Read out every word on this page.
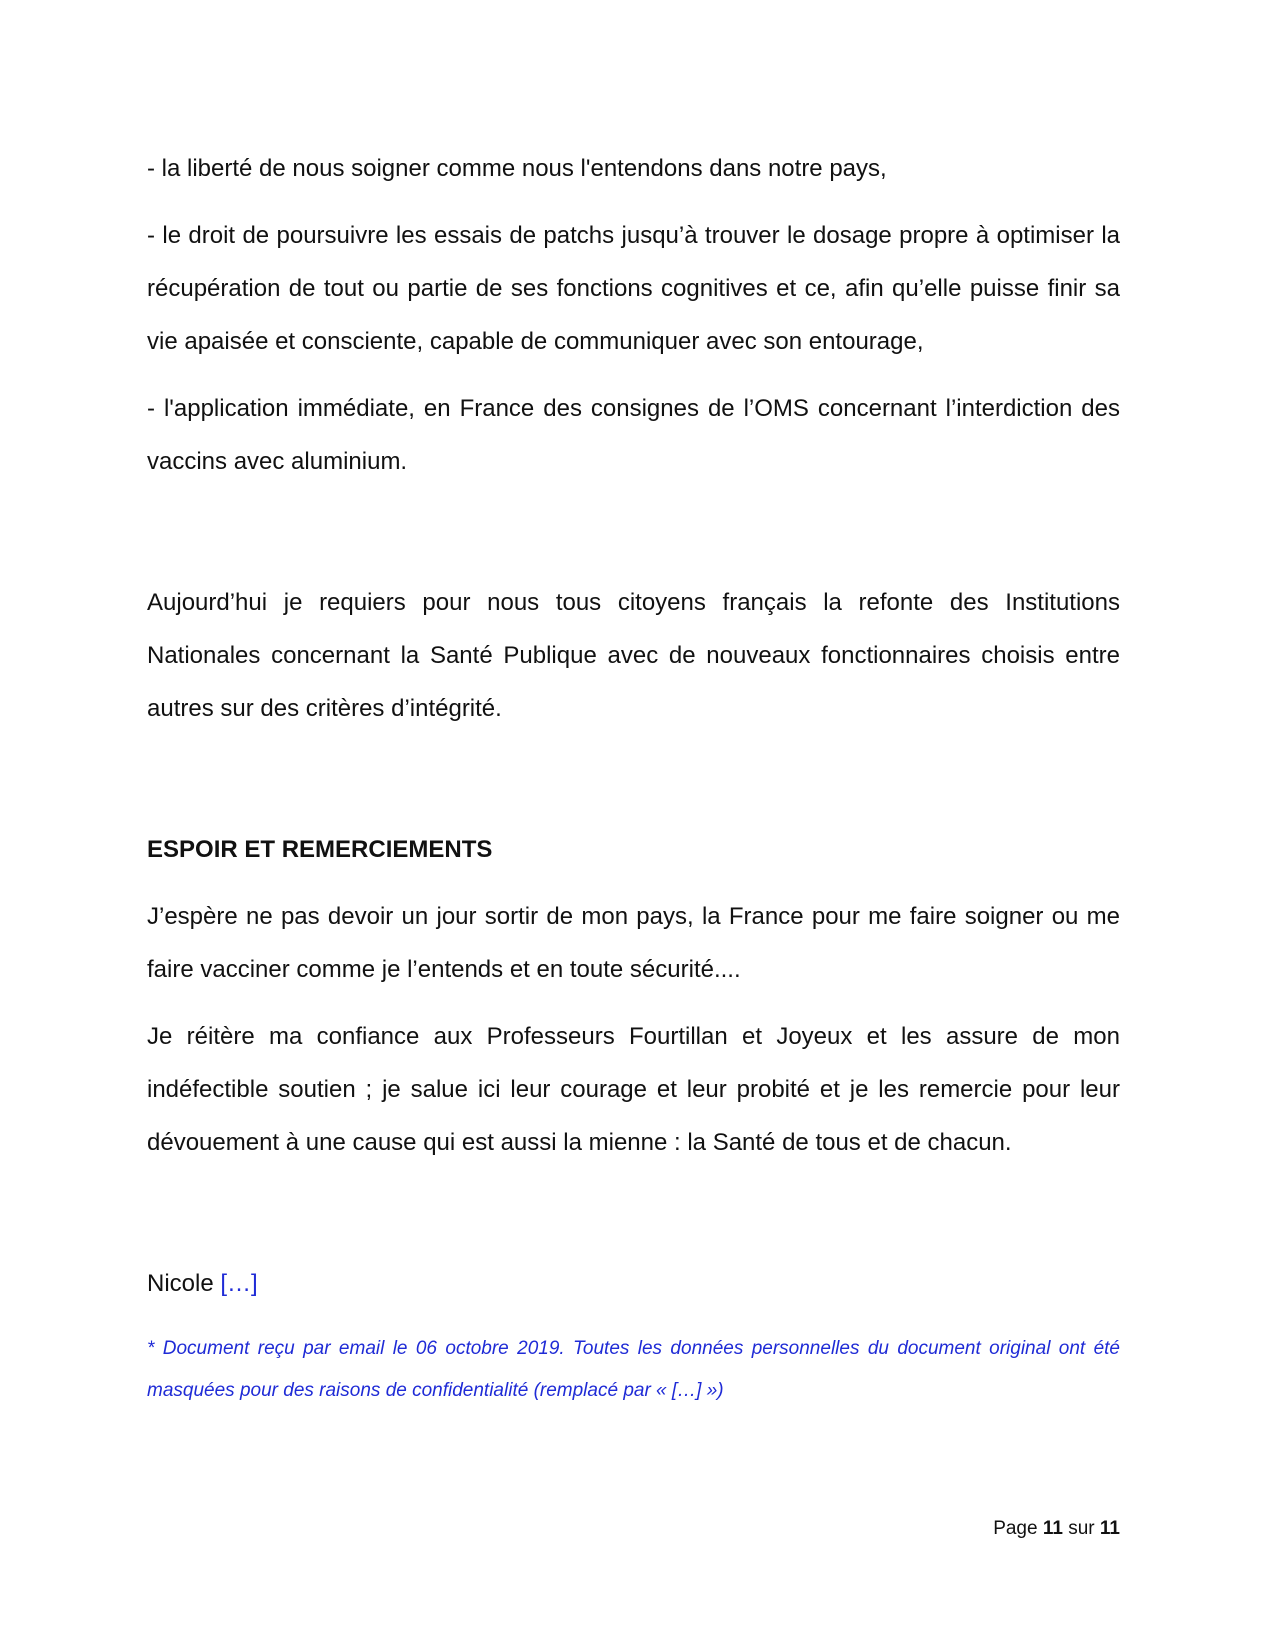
- la liberté de nous soigner comme nous l'entendons dans notre pays,

- le droit de poursuivre les essais de patchs jusqu’à trouver le dosage propre à optimiser la récupération de tout ou partie de ses fonctions cognitives et ce, afin qu’elle puisse finir sa vie apaisée et consciente, capable de communiquer avec son entourage,

- l'application immédiate, en France des consignes de l’OMS concernant l’interdiction des vaccins avec aluminium.

Aujourd’hui je requiers pour nous tous citoyens français la refonte des Institutions Nationales concernant la Santé Publique avec de nouveaux fonctionnaires choisis entre autres sur des critères d’intégrité.

ESPOIR ET REMERCIEMENTS

J’espère ne pas devoir un jour sortir de mon pays, la France pour me faire soigner ou me faire vacciner comme je l’entends et en toute sécurité....

Je réitère ma confiance aux Professeurs Fourtillan et Joyeux et les assure de mon indéfectible soutien ; je salue ici leur courage et leur probité et je les remercie pour leur dévouement à une cause qui est aussi la mienne : la Santé de tous et de chacun.

Nicole […]

* Document reçu par email le 06 octobre 2019. Toutes les données personnelles du document original ont été masquées pour des raisons de confidentialité (remplacé par « […] »)

Page 11 sur 11
